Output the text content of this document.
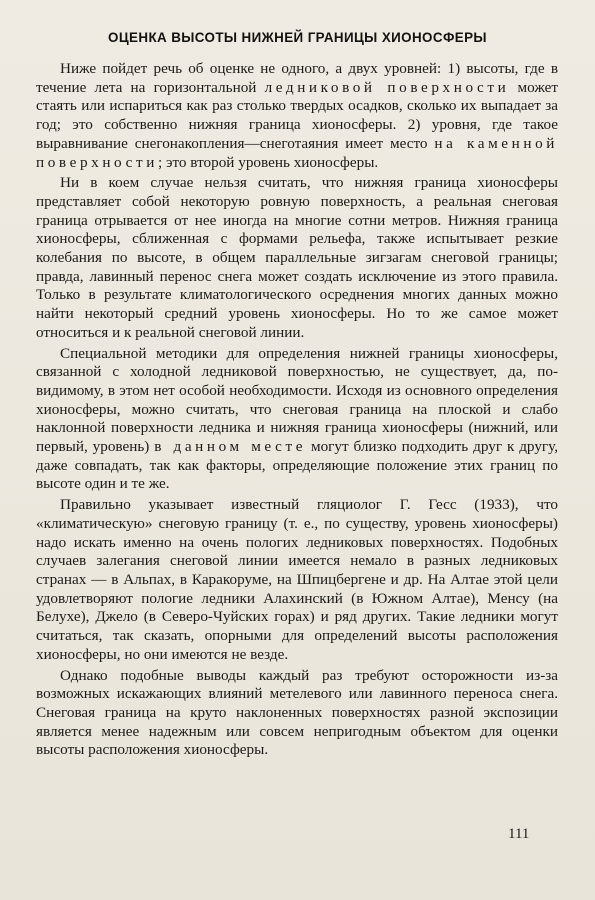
ОЦЕНКА ВЫСОТЫ НИЖНЕЙ ГРАНИЦЫ ХИОНОСФЕРЫ

Ниже пойдет речь об оценке не одного, а двух уровней: 1) высоты, где в течение лета на горизонтальной ледниковой поверхности может стаять или испариться как раз столько твердых осадков, сколько их выпадает за год; это собственно нижняя граница хионосферы. 2) уровня, где такое выравнивание снегонакопления—снеготаяния имеет место на каменной поверхности; это второй уровень хионосферы.

Ни в коем случае нельзя считать, что нижняя граница хионосферы представляет собой некоторую ровную поверхность, а реальная снеговая граница отрывается от нее иногда на многие сотни метров. Нижняя граница хионосферы, сближенная с формами рельефа, также испытывает резкие колебания по высоте, в общем параллельные зигзагам снеговой границы; правда, лавинный перенос снега может создать исключение из этого правила. Только в результате климатологического осреднения многих данных можно найти некоторый средний уровень хионосферы. Но то же самое может относиться и к реальной снеговой линии.

Специальной методики для определения нижней границы хионосферы, связанной с холодной ледниковой поверхностью, не существует, да, по-видимому, в этом нет особой необходимости. Исходя из основного определения хионосферы, можно считать, что снеговая граница на плоской и слабо наклонной поверхности ледника и нижняя граница хионосферы (нижний, или первый, уровень) в данном месте могут близко подходить друг к другу, даже совпадать, так как факторы, определяющие положение этих границ по высоте один и те же.

Правильно указывает известный гляциолог Г. Гесс (1933), что «климатическую» снеговую границу (т. е., по существу, уровень хионосферы) надо искать именно на очень пологих ледниковых поверхностях. Подобных случаев залегания снеговой линии имеется немало в разных ледниковых странах — в Альпах, в Каракоруме, на Шпицбергене и др. На Алтае этой цели удовлетворяют пологие ледники Алахинский (в Южном Алтае), Менсу (на Белухе), Джело (в Северо-Чуйских горах) и ряд других. Такие ледники могут считаться, так сказать, опорными для определений высоты расположения хионосферы, но они имеются не везде.

Однако подобные выводы каждый раз требуют осторожности из-за возможных искажающих влияний метелевого или лавинного переноса снега. Снеговая граница на круто наклоненных поверхностях разной экспозиции является менее надежным или совсем непригодным объектом для оценки высоты расположения хионосферы.

111
